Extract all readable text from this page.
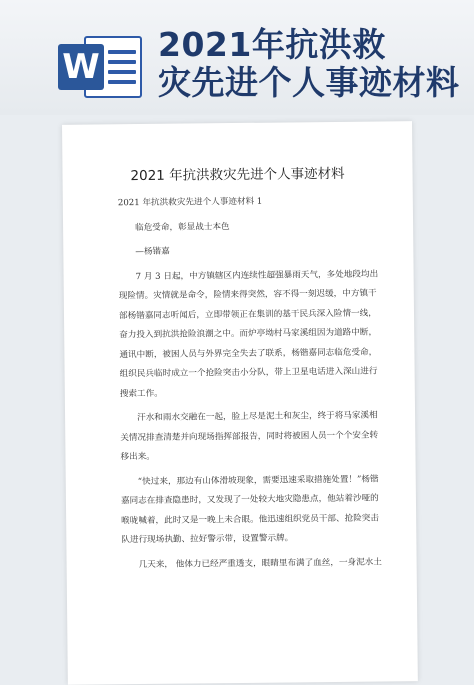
W
2021年抗洪救
灾先进个人事迹材料
2021 年抗洪救灾先进个人事迹材料

2021 年抗洪救灾先进个人事迹材料 1

临危受命，彰显战士本色

—杨锴嘉

7 月 3 日起，中方镇辖区内连续性超强暴雨天气，多处地段均出现险情。灾情就是命令，险情来得突然，容不得一刻迟缓，中方镇干部杨锴嘉同志听闻后，立即带领正在集训的基干民兵深入险情一线，奋力投入到抗洪抢险浪潮之中。而炉亭坳村马家溪组因为道路中断，通讯中断，被困人员与外界完全失去了联系，杨锴嘉同志临危受命，组织民兵临时成立一个抢险突击小分队，带上卫星电话进入深山进行搜索工作。

汗水和雨水交融在一起，脸上尽是泥土和灰尘，终于将马家溪相关情况排查清楚并向现场指挥部报告，同时将被困人员一个个安全转移出来。

“快过来，那边有山体滑坡现象，需要迅速采取措施处置！”杨锴嘉同志在排查隐患时，又发现了一处较大地灾隐患点，他站着沙哑的喉咙喊着，此时又是一晚上未合眼。他迅速组织党员干部、抢险突击队进行现场执勤、拉好警示带，设置警示牌。

几天来， 他体力已经严重透支，眼睛里布满了血丝，一身泥水土
